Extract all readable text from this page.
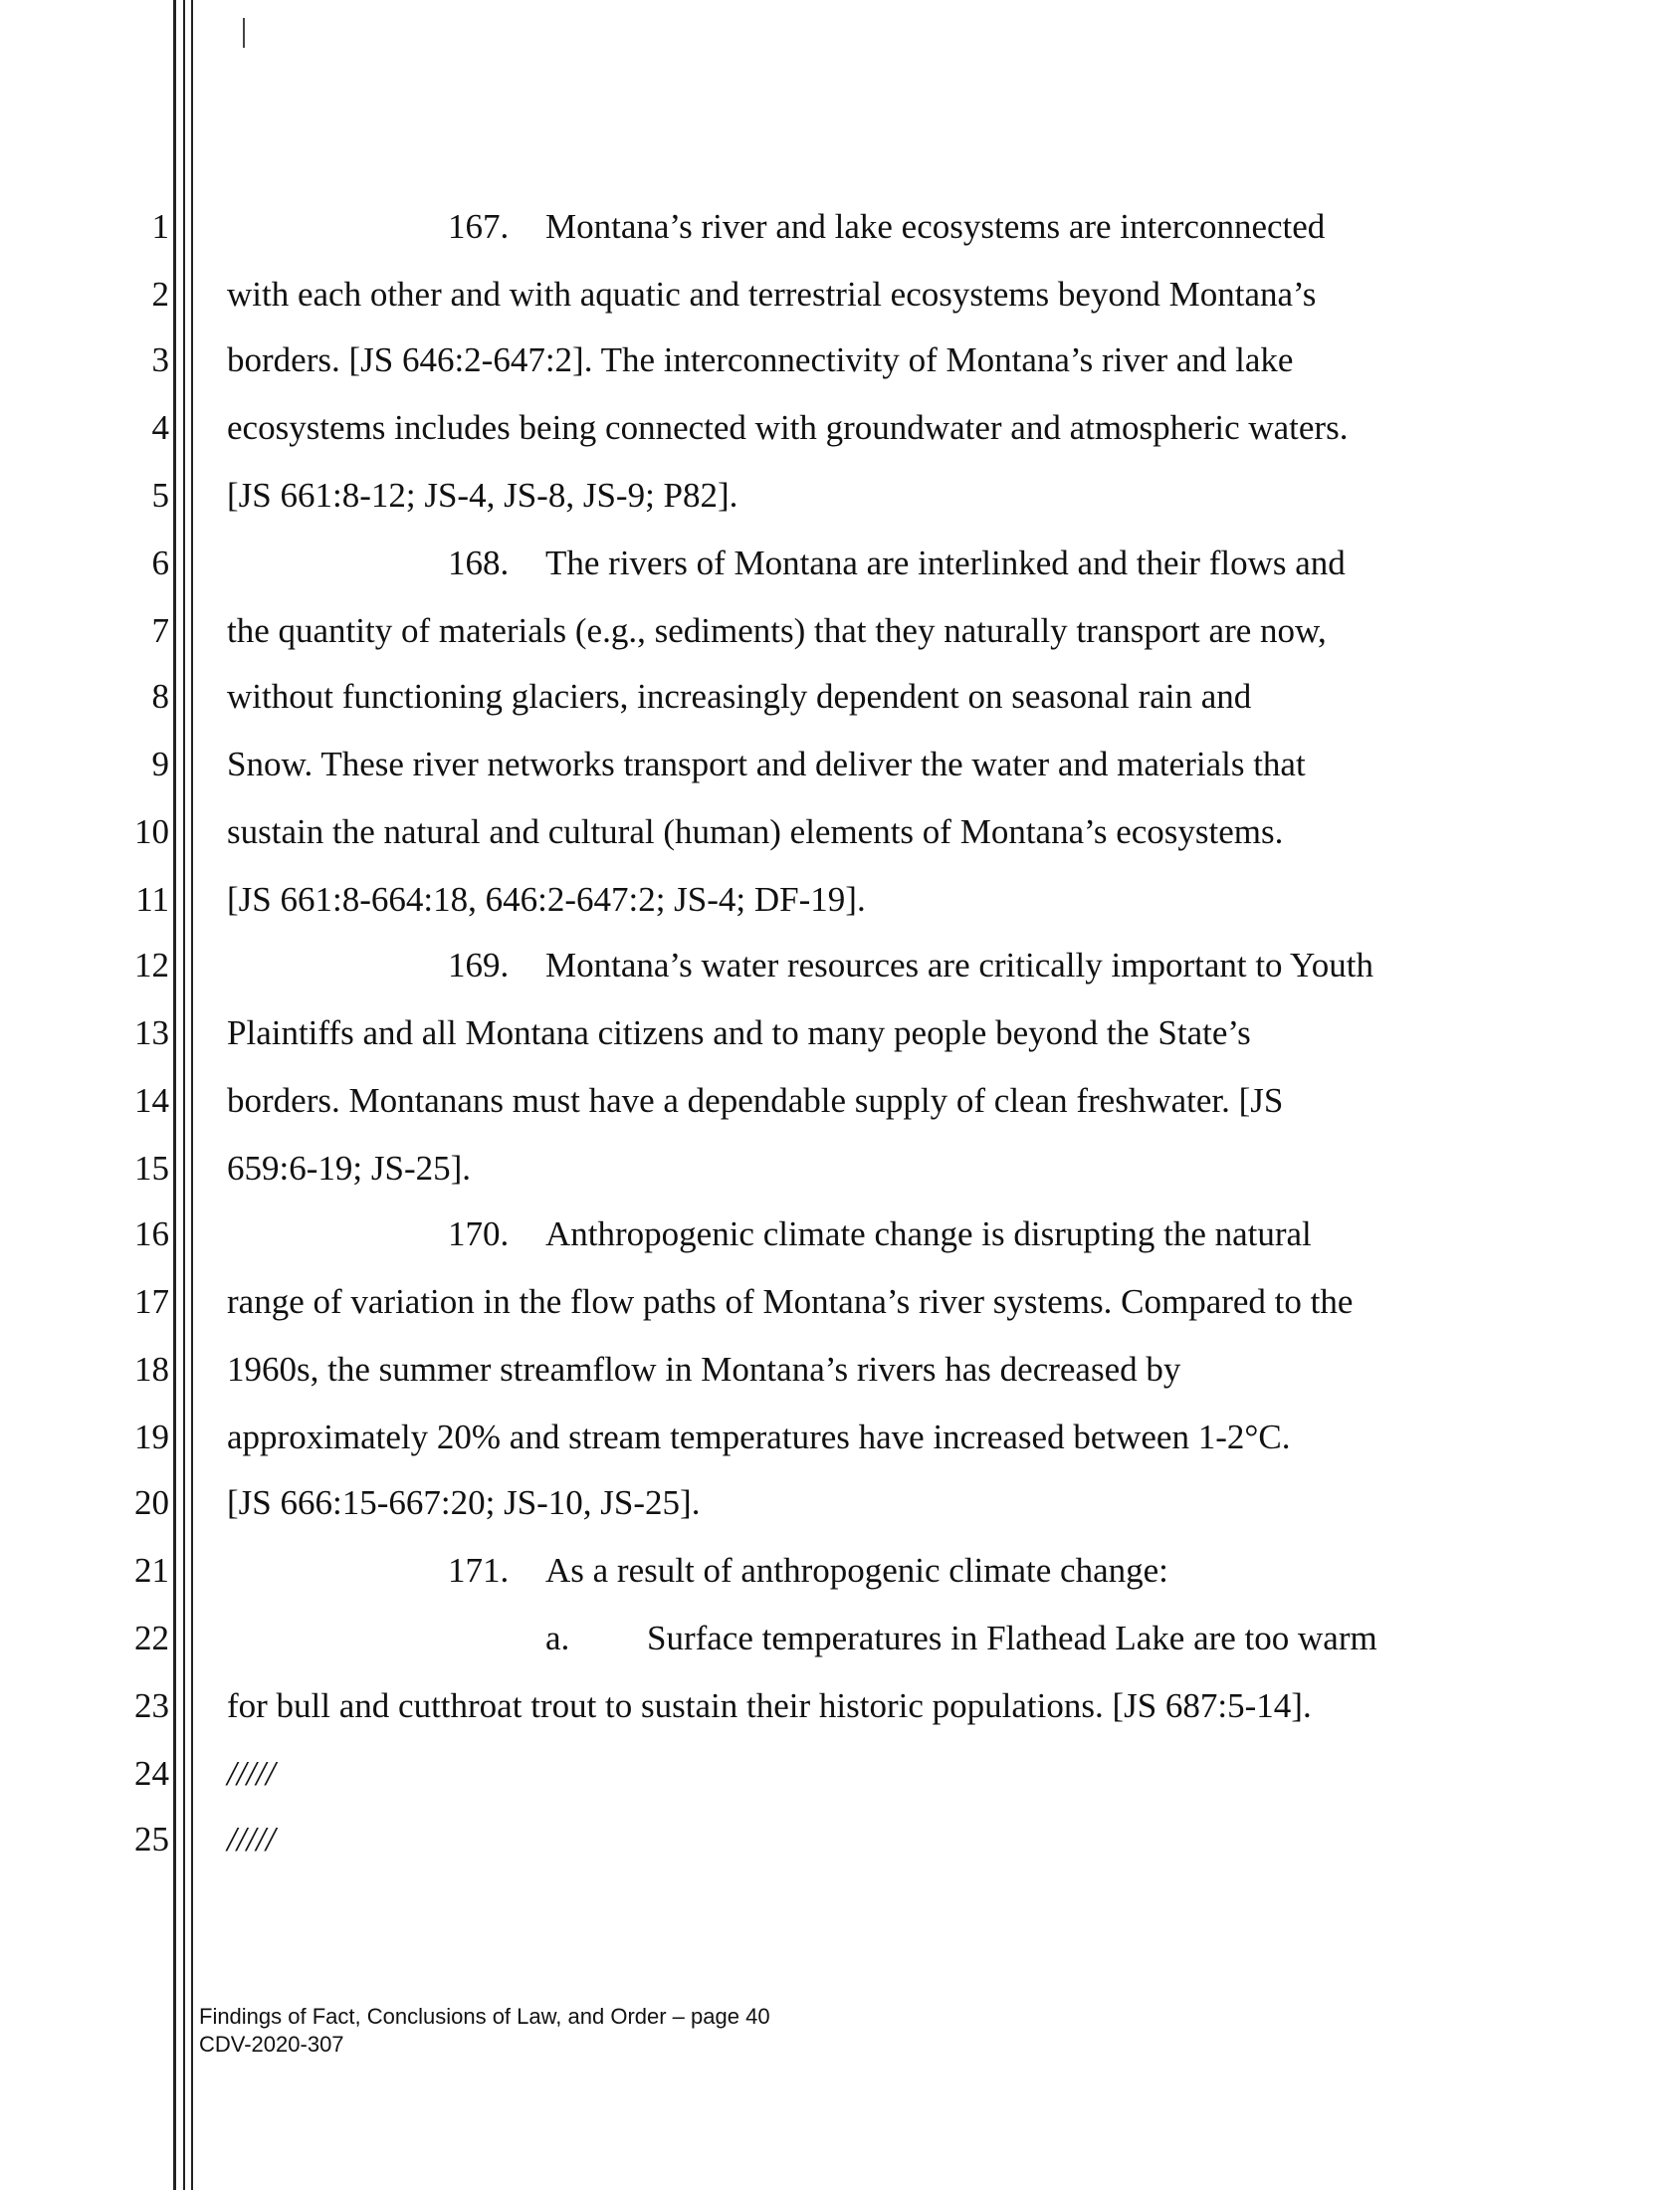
1
2
3
4
5
6
7
8
9
10
11
12
13
14
15
16
17
18
19
20
21
22
23
24
25
167. Montana’s river and lake ecosystems are interconnected
with each other and with aquatic and terrestrial ecosystems beyond Montana’s
borders. [JS 646:2-647:2]. The interconnectivity of Montana’s river and lake
ecosystems includes being connected with groundwater and atmospheric waters.
[JS 661:8-12; JS-4, JS-8, JS-9; P82].
168. The rivers of Montana are interlinked and their flows and
the quantity of materials (e.g., sediments) that they naturally transport are now,
without functioning glaciers, increasingly dependent on seasonal rain and
Snow. These river networks transport and deliver the water and materials that
sustain the natural and cultural (human) elements of Montana’s ecosystems.
[JS 661:8-664:18, 646:2-647:2; JS-4; DF-19].
169. Montana’s water resources are critically important to Youth
Plaintiffs and all Montana citizens and to many people beyond the State’s
borders. Montanans must have a dependable supply of clean freshwater. [JS
659:6-19; JS-25].
170. Anthropogenic climate change is disrupting the natural
range of variation in the flow paths of Montana’s river systems. Compared to the
1960s, the summer streamflow in Montana’s rivers has decreased by
approximately 20% and stream temperatures have increased between 1-2°C.
[JS 666:15-667:20; JS-10, JS-25].
171. As a result of anthropogenic climate change:
a. Surface temperatures in Flathead Lake are too warm
for bull and cutthroat trout to sustain their historic populations. [JS 687:5-14].
/////
/////
Findings of Fact, Conclusions of Law, and Order – page 40
CDV-2020-307
